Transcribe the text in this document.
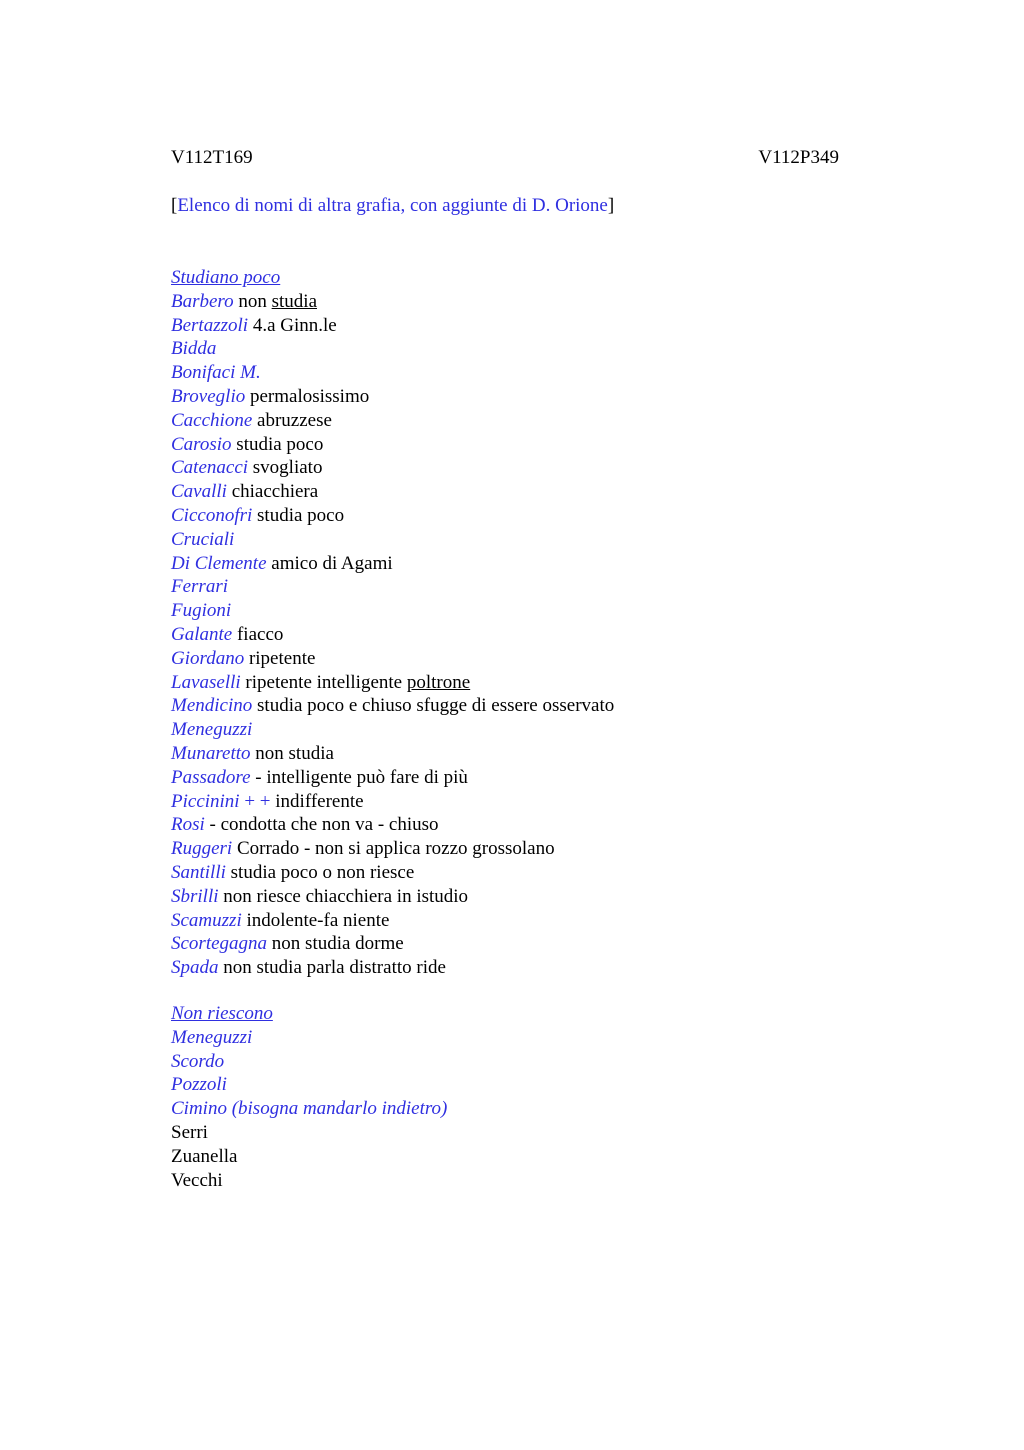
V112T169	V112P349
[Elenco di nomi di altra grafia, con aggiunte di D. Orione]
Studiano poco
Barbero non studia
Bertazzoli 4.a Ginn.le
Bidda
Bonifaci M.
Broveglio permalosissimo
Cacchione abruzzese
Carosio studia poco
Catenacci svogliato
Cavalli chiacchiera
Cicconofri studia poco
Cruciali
Di Clemente amico di Agami
Ferrari
Fugioni
Galante fiacco
Giordano ripetente
Lavaselli ripetente intelligente poltrone
Mendicino studia poco e chiuso sfugge di essere osservato
Meneguzzi
Munaretto non studia
Passadore - intelligente può fare di più
Piccinini + + indifferente
Rosi - condotta che non va - chiuso
Ruggeri Corrado - non si applica rozzo grossolano
Santilli studia poco o non riesce
Sbrilli non riesce chiacchiera in istudio
Scamuzzi indolente-fa niente
Scortegagna non studia dorme
Spada non studia parla distratto ride
Non riescono
Meneguzzi
Scordo
Pozzoli
Cimino (bisogna mandarlo indietro)
Serri
Zuanella
Vecchi
